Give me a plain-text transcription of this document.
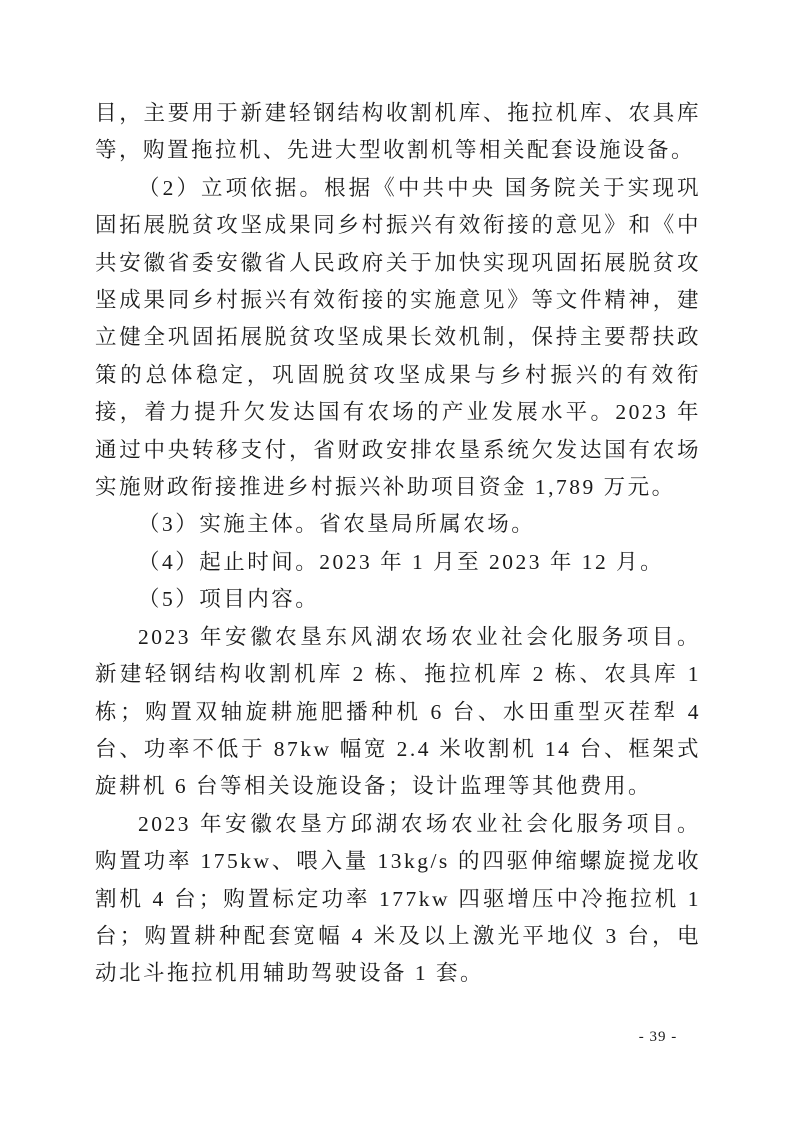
目，主要用于新建轻钢结构收割机库、拖拉机库、农具库等，购置拖拉机、先进大型收割机等相关配套设施设备。

（2）立项依据。根据《中共中央 国务院关于实现巩固拓展脱贫攻坚成果同乡村振兴有效衔接的意见》和《中共安徽省委安徽省人民政府关于加快实现巩固拓展脱贫攻坚成果同乡村振兴有效衔接的实施意见》等文件精神，建立健全巩固拓展脱贫攻坚成果长效机制，保持主要帮扶政策的总体稳定，巩固脱贫攻坚成果与乡村振兴的有效衔接，着力提升欠发达国有农场的产业发展水平。2023 年通过中央转移支付，省财政安排农垦系统欠发达国有农场实施财政衔接推进乡村振兴补助项目资金 1,789 万元。

（3）实施主体。省农垦局所属农场。

（4）起止时间。2023 年 1 月至 2023 年 12 月。

（5）项目内容。

2023 年安徽农垦东风湖农场农业社会化服务项目。新建轻钢结构收割机库 2 栋、拖拉机库 2 栋、农具库 1 栋；购置双轴旋耕施肥播种机 6 台、水田重型灭茬犁 4 台、功率不低于 87kw 幅宽 2.4 米收割机 14 台、框架式旋耕机 6 台等相关设施设备；设计监理等其他费用。

2023 年安徽农垦方邱湖农场农业社会化服务项目。购置功率 175kw、喂入量 13kg/s 的四驱伸缩螺旋搅龙收割机 4 台；购置标定功率 177kw 四驱增压中冷拖拉机 1 台；购置耕种配套宽幅 4 米及以上激光平地仪 3 台，电动北斗拖拉机用辅助驾驶设备 1 套。

- 39 -
